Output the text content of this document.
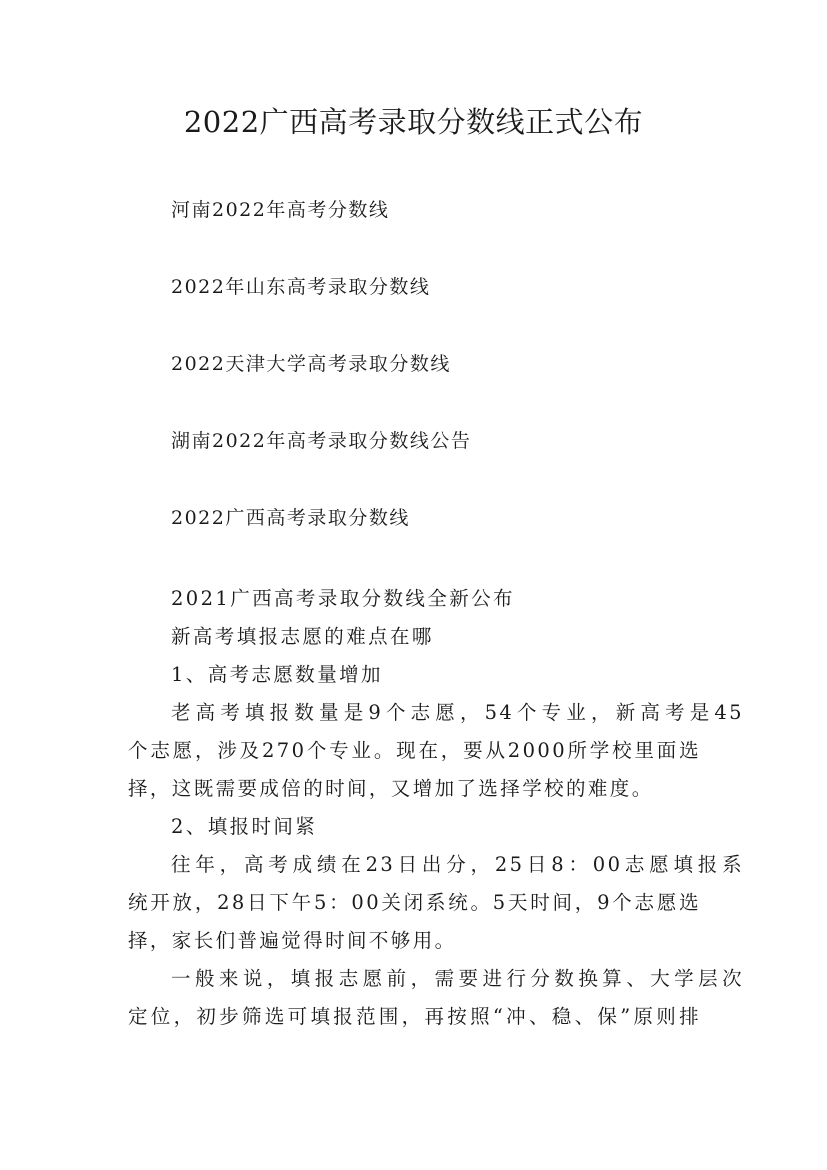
2022广西高考录取分数线正式公布
河南2022年高考分数线
2022年山东高考录取分数线
2022天津大学高考录取分数线
湖南2022年高考录取分数线公告
2022广西高考录取分数线
2021广西高考录取分数线全新公布
新高考填报志愿的难点在哪
1、高考志愿数量增加
老高考填报数量是9个志愿，54个专业，新高考是45
个志愿，涉及270个专业。现在，要从2000所学校里面选
择，这既需要成倍的时间，又增加了选择学校的难度。
2、填报时间紧
往年，高考成绩在23日出分，25日8：00志愿填报系
统开放，28日下午5：00关闭系统。5天时间，9个志愿选
择，家长们普遍觉得时间不够用。
一般来说，填报志愿前，需要进行分数换算、大学层次
定位，初步筛选可填报范围，再按照“冲、稳、保”原则排
